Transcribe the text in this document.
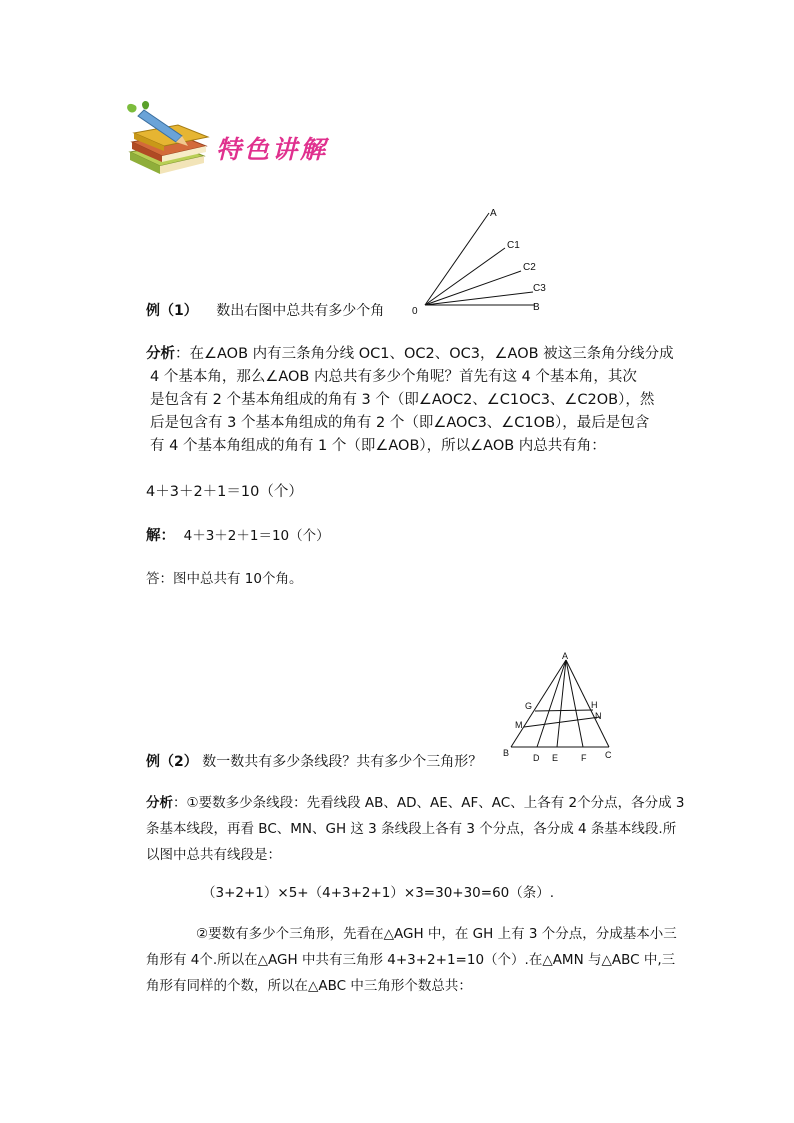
特色讲解
A
C1
C2
C3
B
0
例（1） 数出右图中总共有多少个角
分析：在∠AOB 内有三条角分线 OC1、OC2、OC3，∠AOB 被这三条角分线分成
4 个基本角，那么∠AOB 内总共有多少个角呢？首先有这 4 个基本角，其次
是包含有 2 个基本角组成的角有 3 个（即∠AOC2、∠C1OC3、∠C2OB），然
后是包含有 3 个基本角组成的角有 2 个（即∠AOC3、∠C1OB），最后是包含
有 4 个基本角组成的角有 1 个（即∠AOB），所以∠AOB 内总共有角：
4＋3＋2＋1＝10（个）
解： 4＋3＋2＋1＝10（个）
答：图中总共有 10个角。
A
G	H
M
N
B	D E	F C
例（2） 数一数共有多少条线段？共有多少个三角形？
分析：①要数多少条线段：先看线段 AB、AD、AE、AF、AC、上各有 2个分点，各分成 3
条基本线段，再看 BC、MN、GH 这 3 条线段上各有 3 个分点，各分成 4 条基本线段.所
以图中总共有线段是：
（3+2+1）×5+（4+3+2+1）×3=30+30=60（条）.
②要数有多少个三角形，先看在△AGH 中，在 GH 上有 3 个分点，分成基本小三
角形有 4个.所以在△AGH 中共有三角形 4+3+2+1=10（个）.在△AMN 与△ABC 中,三
角形有同样的个数，所以在△ABC 中三角形个数总共：
